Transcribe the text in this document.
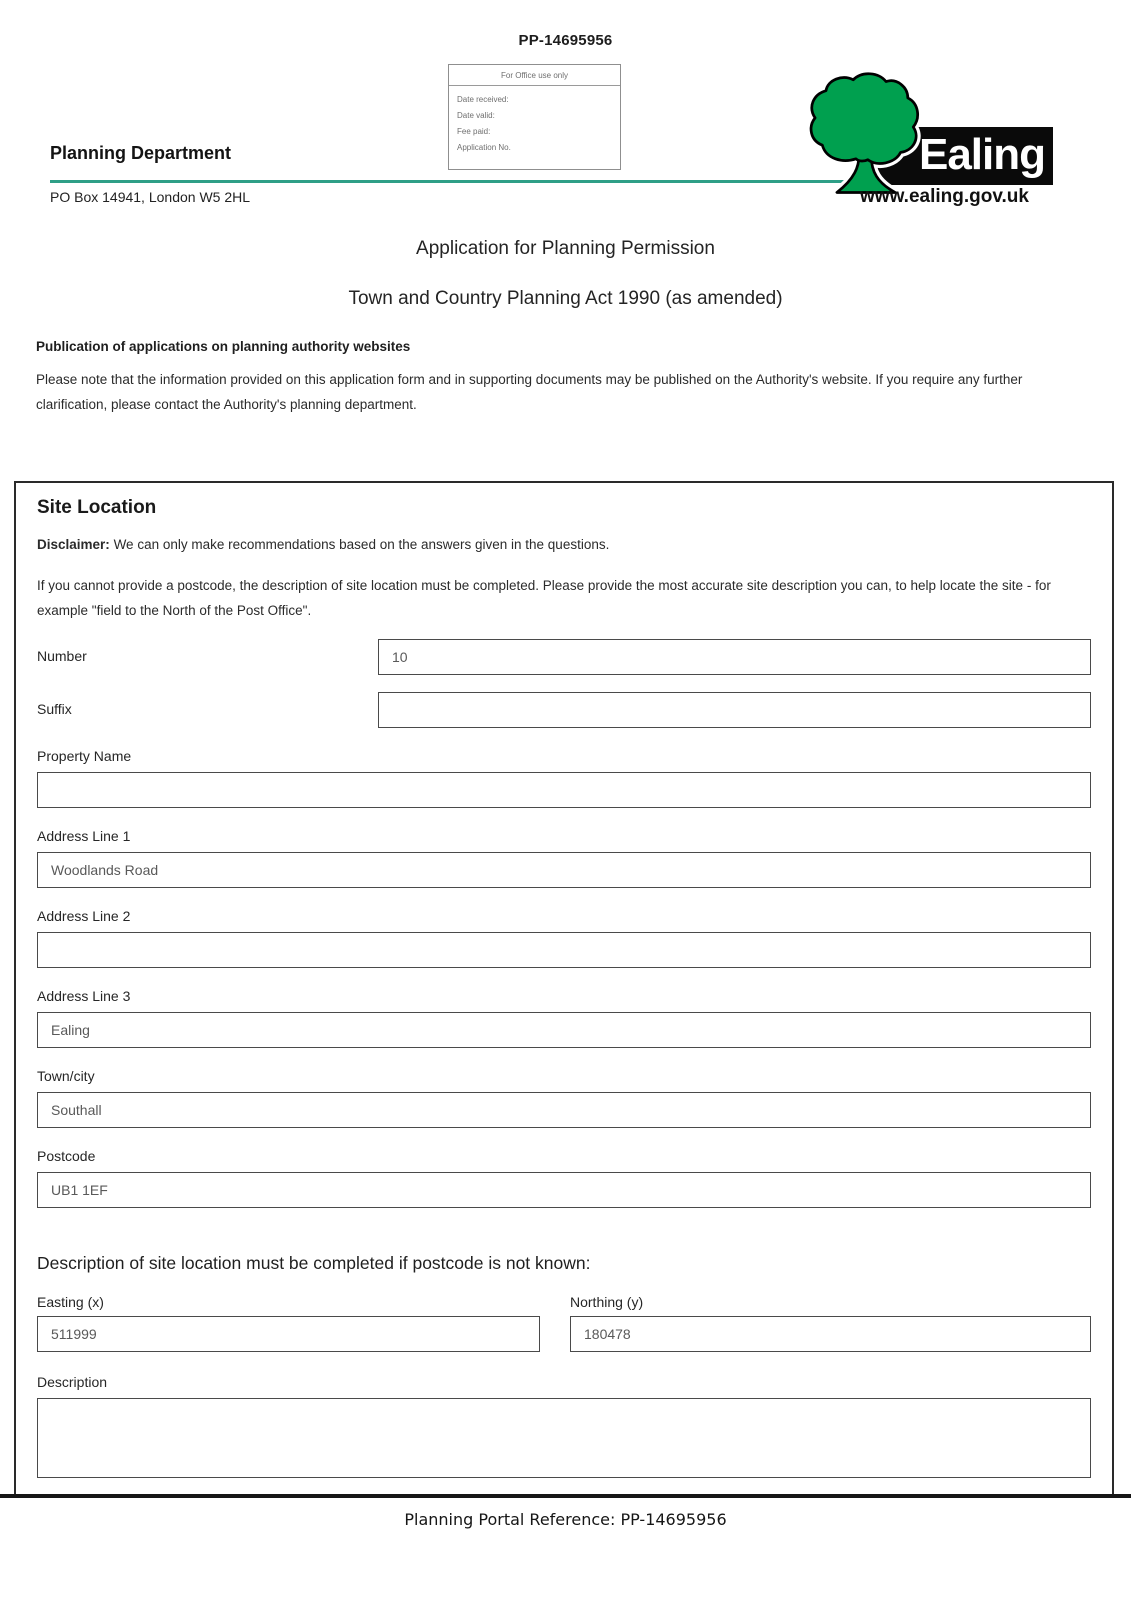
PP-14695956
For Office use only
Date received:
Date valid:
Fee paid:
Application No.
Planning Department
PO Box 14941, London W5 2HL
Ealing
www.ealing.gov.uk
Application for Planning Permission
Town and Country Planning Act 1990 (as amended)
Publication of applications on planning authority websites

Please note that the information provided on this application form and in supporting documents may be published on the Authority's website. If you require any further clarification, please contact the Authority's planning department.

Site Location

Disclaimer: We can only make recommendations based on the answers given in the questions.

If you cannot provide a postcode, the description of site location must be completed. Please provide the most accurate site description you can, to help locate the site - for example "field to the North of the Post Office".

Number
10
Suffix
Property Name
Address Line 1
Woodlands Road
Address Line 2
Address Line 3
Ealing
Town/city
Southall
Postcode
UB1 1EF
Description of site location must be completed if postcode is not known:
Easting (x)
511999	Northing (y)
180478
Description
Planning Portal Reference: PP-14695956
